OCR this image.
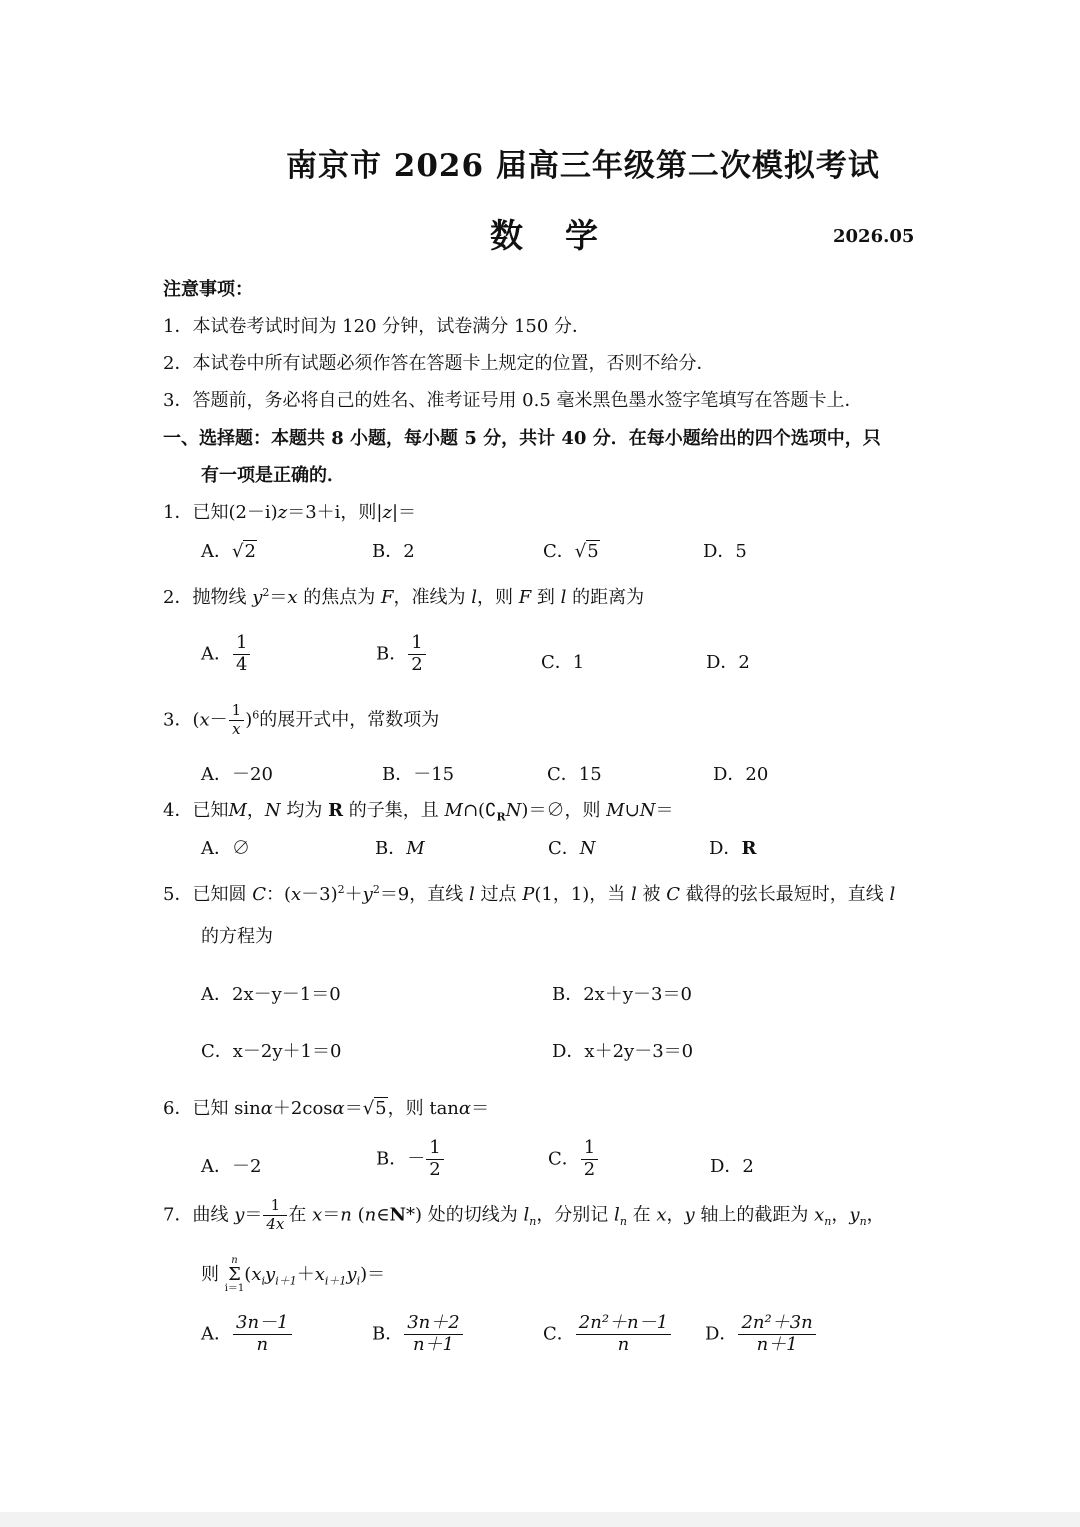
南京市 2026 届高三年级第二次模拟考试
数学	2026.05
注意事项：
1．本试卷考试时间为 120 分钟，试卷满分 150 分．
2．本试卷中所有试题必须作答在答题卡上规定的位置，否则不给分．
3．答题前，务必将自己的姓名、准考证号用 0.5 毫米黑色墨水签字笔填写在答题卡上．
一、选择题：本题共 8 小题，每小题 5 分，共计 40 分．在每小题给出的四个选项中，只
有一项是正确的．
1．已知(2－i)z＝3＋i，则|z|＝
A．√2	B．2	C．√5	D．5
2．抛物线 $y^2=x$ 的焦点为 F，准线为 l，则 F 到 l 的距离为
A． $\frac{1}{4}$	B． $\frac{1}{2}$	C．1	D．2
3．$(x- \frac{1}{x} )^6$的展开式中，常数项为
A．－20	B．－15	C．15	D．20
4．已知M，N 均为 R 的子集，且 $M\cap(∁_RN)=\emptyset$，则 M∪N＝
A．∅	B．M	C．N	D．R
5．已知圆 C：$(x-3)^2+y^2=9$，直线 l 过点 P(1，1)，当 l 被 C 截得的弦长最短时，直线 l
的方程为
A．2x－y－1＝0	B．2x＋y－3＝0
C．x－2y＋1＝0	D．x＋2y－3＝0
6．已知 sinα＋2cosα＝√5，则 tanα＝
A．－2	B．－ $\frac{1}{2}$	C． $\frac{1}{2}$	D．2
7．曲线 $y= \frac{1}{4x}$ 在 x＝n (n∈N*) 处的切线为 $l_n$，分别记 $l_n$ 在 x，y 轴上的截距为 $x_n$，$y_n$，
则
n
Σ
i＝1
$(x_iy_{i+1}+x_{i+1}y_i)=$
A． $\frac{3n-1}{n}$	B． $\frac{3n+2}{n+1}$	C． $\frac{\text{2n²＋n－1}}{n}$ D． $\frac{\text{2n²＋3n}}{n+1}$
